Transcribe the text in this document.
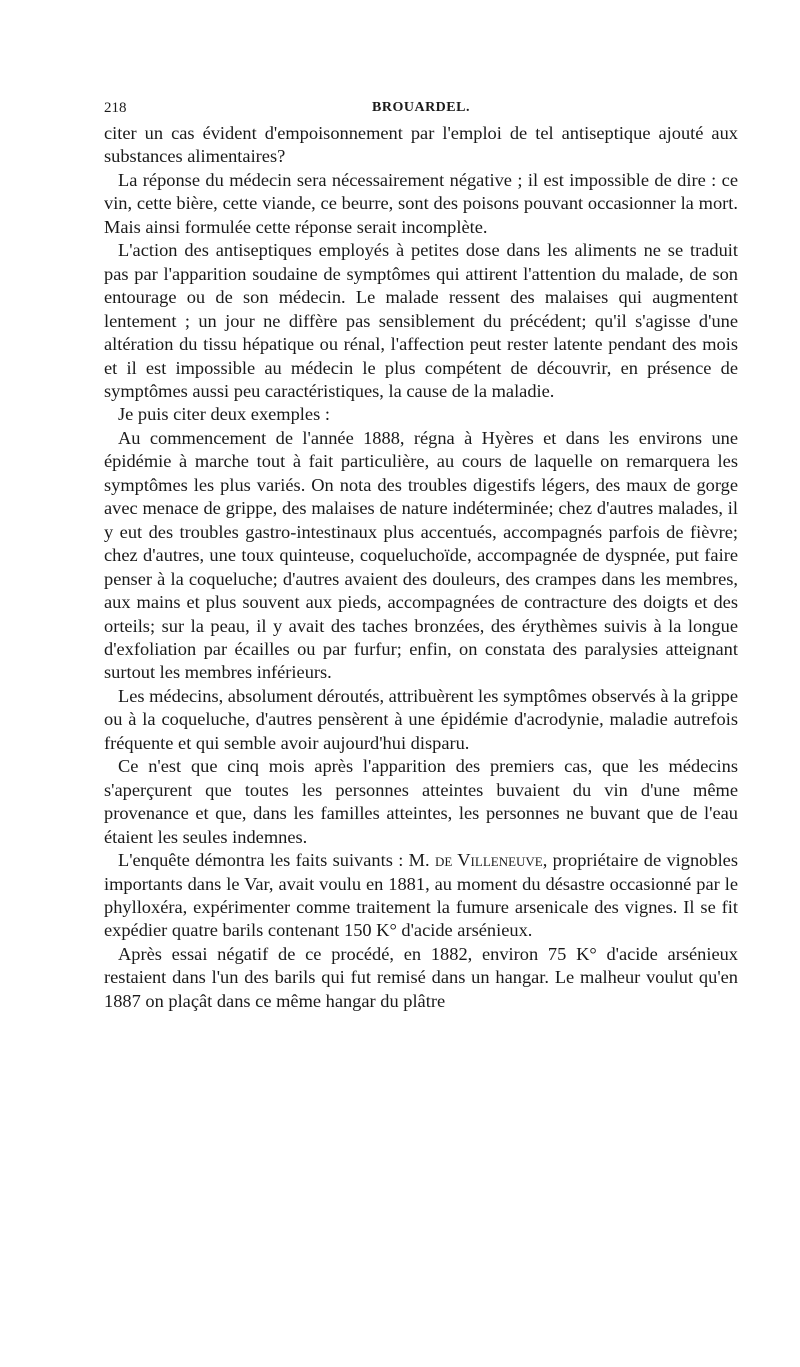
218	BROUARDEL.

citer un cas évident d'empoisonnement par l'emploi de tel antiseptique ajouté aux substances alimentaires?

La réponse du médecin sera nécessairement négative ; il est impossible de dire : ce vin, cette bière, cette viande, ce beurre, sont des poisons pouvant occasionner la mort. Mais ainsi formulée cette réponse serait incomplète.

L'action des antiseptiques employés à petites dose dans les aliments ne se traduit pas par l'apparition soudaine de symptômes qui attirent l'attention du malade, de son entourage ou de son médecin. Le malade ressent des malaises qui augmentent lentement ; un jour ne diffère pas sensiblement du précédent; qu'il s'agisse d'une altération du tissu hépatique ou rénal, l'affection peut rester latente pendant des mois et il est impossible au médecin le plus compétent de découvrir, en présence de symptômes aussi peu caractéristiques, la cause de la maladie.

Je puis citer deux exemples :

Au commencement de l'année 1888, régna à Hyères et dans les environs une épidémie à marche tout à fait particulière, au cours de laquelle on remarquera les symptômes les plus variés. On nota des troubles digestifs légers, des maux de gorge avec menace de grippe, des malaises de nature indéterminée; chez d'autres malades, il y eut des troubles gastro-intestinaux plus accentués, accompagnés parfois de fièvre; chez d'autres, une toux quinteuse, coqueluchoïde, accompagnée de dyspnée, put faire penser à la coqueluche; d'autres avaient des douleurs, des crampes dans les membres, aux mains et plus souvent aux pieds, accompagnées de contracture des doigts et des orteils; sur la peau, il y avait des taches bronzées, des érythèmes suivis à la longue d'exfoliation par écailles ou par furfur; enfin, on constata des paralysies atteignant surtout les membres inférieurs.

Les médecins, absolument déroutés, attribuèrent les symptômes observés à la grippe ou à la coqueluche, d'autres pensèrent à une épidémie d'acrodynie, maladie autrefois fréquente et qui semble avoir aujourd'hui disparu.

Ce n'est que cinq mois après l'apparition des premiers cas, que les médecins s'aperçurent que toutes les personnes atteintes buvaient du vin d'une même provenance et que, dans les familles atteintes, les personnes ne buvant que de l'eau étaient les seules indemnes.

L'enquête démontra les faits suivants : M. de Villeneuve, propriétaire de vignobles importants dans le Var, avait voulu en 1881, au moment du désastre occasionné par le phylloxéra, expérimenter comme traitement la fumure arsenicale des vignes. Il se fit expédier quatre barils contenant 150 K° d'acide arsénieux.

Après essai négatif de ce procédé, en 1882, environ 75 K° d'acide arsénieux restaient dans l'un des barils qui fut remisé dans un hangar. Le malheur voulut qu'en 1887 on plaçât dans ce même hangar du plâtre
